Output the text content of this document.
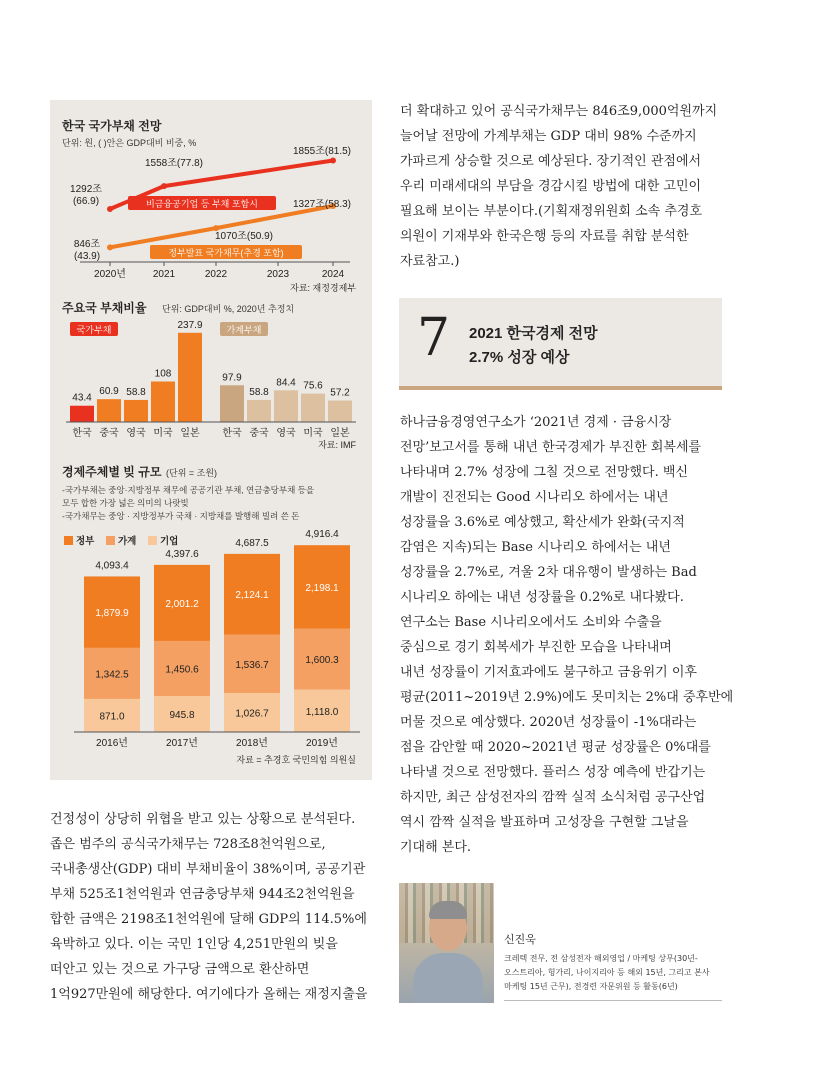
한국 국가부채 전망
단위: 원, ( )안은 GDP대비 비중, %
비금융공기업 등 부채 포함시
정부발표 국가채무(추경 포함)
1292조
(66.9)
1558조(77.8)
1855조(81.5)
846조
(43.9)
1070조(50.9)
1327조(58.3)
2020년	2021	2022	2023	2024
자료: 재정경제부
주요국 부채비율 단위: GDP대비 %, 2020년 추정치
국가부채
43.4
한국
60.9
중국
58.8
영국
108
미국
237.9
일본
가계부채
97.9
한국
58.8
중국
84.4
영국
75.6
미국
57.2
일본
자료: IMF
경제주체별 빚 규모 (단위 = 조원)
-국가부채는 중앙·지방정부 채무에 공공기관 부채, 연금충당부채 등을
모두 합한 가장 넓은 의미의 나랏빚
-국가채무는 중앙 · 지방정부가 국채 · 지방채를 발행해 빌려 쓴 돈
정부 가계 기업
871.0
1,342.5
1,879.9
4,093.4
2016년
945.8
1,450.6
2,001.2
4,397.6
2017년
1,026.7
1,536.7
2,124.1
4,687.5
2018년
1,118.0
1,600.3
2,198.1
4,916.4
2019년
자료 = 추경호 국민의힘 의원실
더 확대하고 있어 공식국가채무는 846조9,000억원까지
늘어날 전망에 가계부채는 GDP 대비 98% 수준까지
가파르게 상승할 것으로 예상된다. 장기적인 관점에서
우리 미래세대의 부담을 경감시킬 방법에 대한 고민이
필요해 보이는 부분이다.(기획재정위원회 소속 추경호
의원이 기재부와 한국은행 등의 자료를 취합 분석한
자료참고.)
7 2021 한국경제 전망
2.7% 성장 예상
하나금융경영연구소가 ‘2021년 경제 · 금융시장
전망’보고서를 통해 내년 한국경제가 부진한 회복세를
나타내며 2.7% 성장에 그칠 것으로 전망했다. 백신
개발이 진전되는 Good 시나리오 하에서는 내년
성장률을 3.6%로 예상했고, 확산세가 완화(국지적
감염은 지속)되는 Base 시나리오 하에서는 내년
성장률을 2.7%로, 겨울 2차 대유행이 발생하는 Bad
시나리오 하에는 내년 성장률을 0.2%로 내다봤다.
연구소는 Base 시나리오에서도 소비와 수출을
중심으로 경기 회복세가 부진한 모습을 나타내며
내년 성장률이 기저효과에도 불구하고 금융위기 이후
평균(2011~2019년 2.9%)에도 못미치는 2%대 중후반에
머물 것으로 예상했다. 2020년 성장률이 -1%대라는
점을 감안할 때 2020~2021년 평균 성장률은 0%대를
나타낼 것으로 전망했다. 플러스 성장 예측에 반갑기는
하지만, 최근 삼성전자의 깜짝 실적 소식처럼 공구산업
역시 깜짝 실적을 발표하며 고성장을 구현할 그날을
기대해 본다.
건정성이 상당히 위협을 받고 있는 상황으로 분석된다.
좁은 범주의 공식국가채무는 728조8천억원으로,
국내총생산(GDP) 대비 부채비율이 38%이며, 공공기관
부채 525조1천억원과 연금충당부채 944조2천억원을
합한 금액은 2198조1천억원에 달해 GDP의 114.5%에
육박하고 있다. 이는 국민 1인당 4,251만원의 빚을
떠안고 있는 것으로 가구당 금액으로 환산하면
1억927만원에 해당한다. 여기에다가 올해는 재정지출을
신진욱
크레텍 전무, 전 삼성전자 해외영업 / 마케팅 상무(30년-
오스트리아, 헝가리, 나이지리아 등 해외 15년, 그리고 본사
마케팅 15년 근무), 전경련 자문위원 등 활동(6년)
